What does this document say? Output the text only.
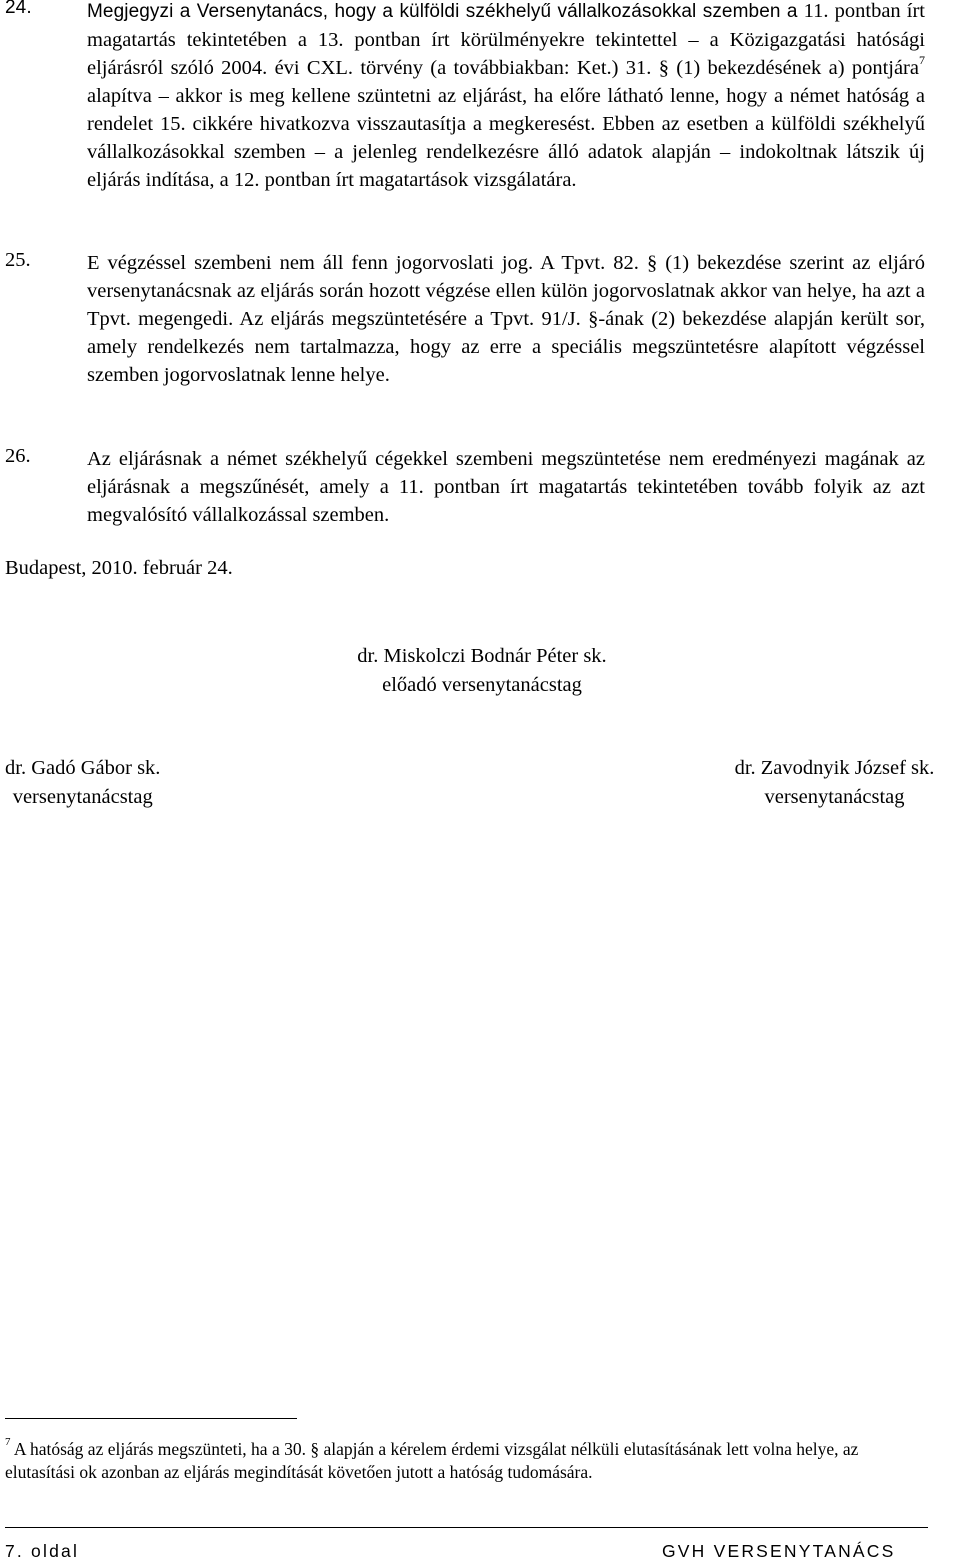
24.	Megjegyzi a Versenytanács, hogy a külföldi székhelyű vállalkozásokkal szemben a 11. pontban írt magatartás tekintetében a 13. pontban írt körülményekre tekintettel – a Közigazgatási hatósági eljárásról szóló 2004. évi CXL. törvény (a továbbiakban: Ket.) 31. § (1) bekezdésének a) pontjára$^7$ alapítva – akkor is meg kellene szüntetni az eljárást, ha előre látható lenne, hogy a német hatóság a rendelet 15. cikkére hivatkozva visszautasítja a megkeresést. Ebben az esetben a külföldi székhelyű vállalkozásokkal szemben – a jelenleg rendelkezésre álló adatok alapján – indokoltnak látszik új eljárás indítása, a 12. pontban írt magatartások vizsgálatára.
25.	E végzéssel szembeni nem áll fenn jogorvoslati jog. A Tpvt. 82. § (1) bekezdése szerint az eljáró versenytanácsnak az eljárás során hozott végzése ellen külön jogorvoslatnak akkor van helye, ha azt a Tpvt. megengedi. Az eljárás megszüntetésére a Tpvt. 91/J. §-ának (2) bekezdése alapján került sor, amely rendelkezés nem tartalmazza, hogy az erre a speciális megszüntetésre alapított végzéssel szemben jogorvoslatnak lenne helye.
26.	Az eljárásnak a német székhelyű cégekkel szembeni megszüntetése nem eredményezi magának az eljárásnak a megszűnését, amely a 11. pontban írt magatartás tekintetében tovább folyik az azt megvalósító vállalkozással szemben.
Budapest, 2010. február 24.
dr. Miskolczi Bodnár Péter sk.
előadó versenytanácstag
dr. Gadó Gábor sk.
versenytanácstag
dr. Zavodnyik József sk.
versenytanácstag
$^7$ A hatóság az eljárás megszünteti, ha a 30. § alapján a kérelem érdemi vizsgálat nélküli elutasításának lett volna helye, az elutasítási ok azonban az eljárás megindítását követően jutott a hatóság tudomására.
7. oldal	GVH VERSENYTANÁCS
